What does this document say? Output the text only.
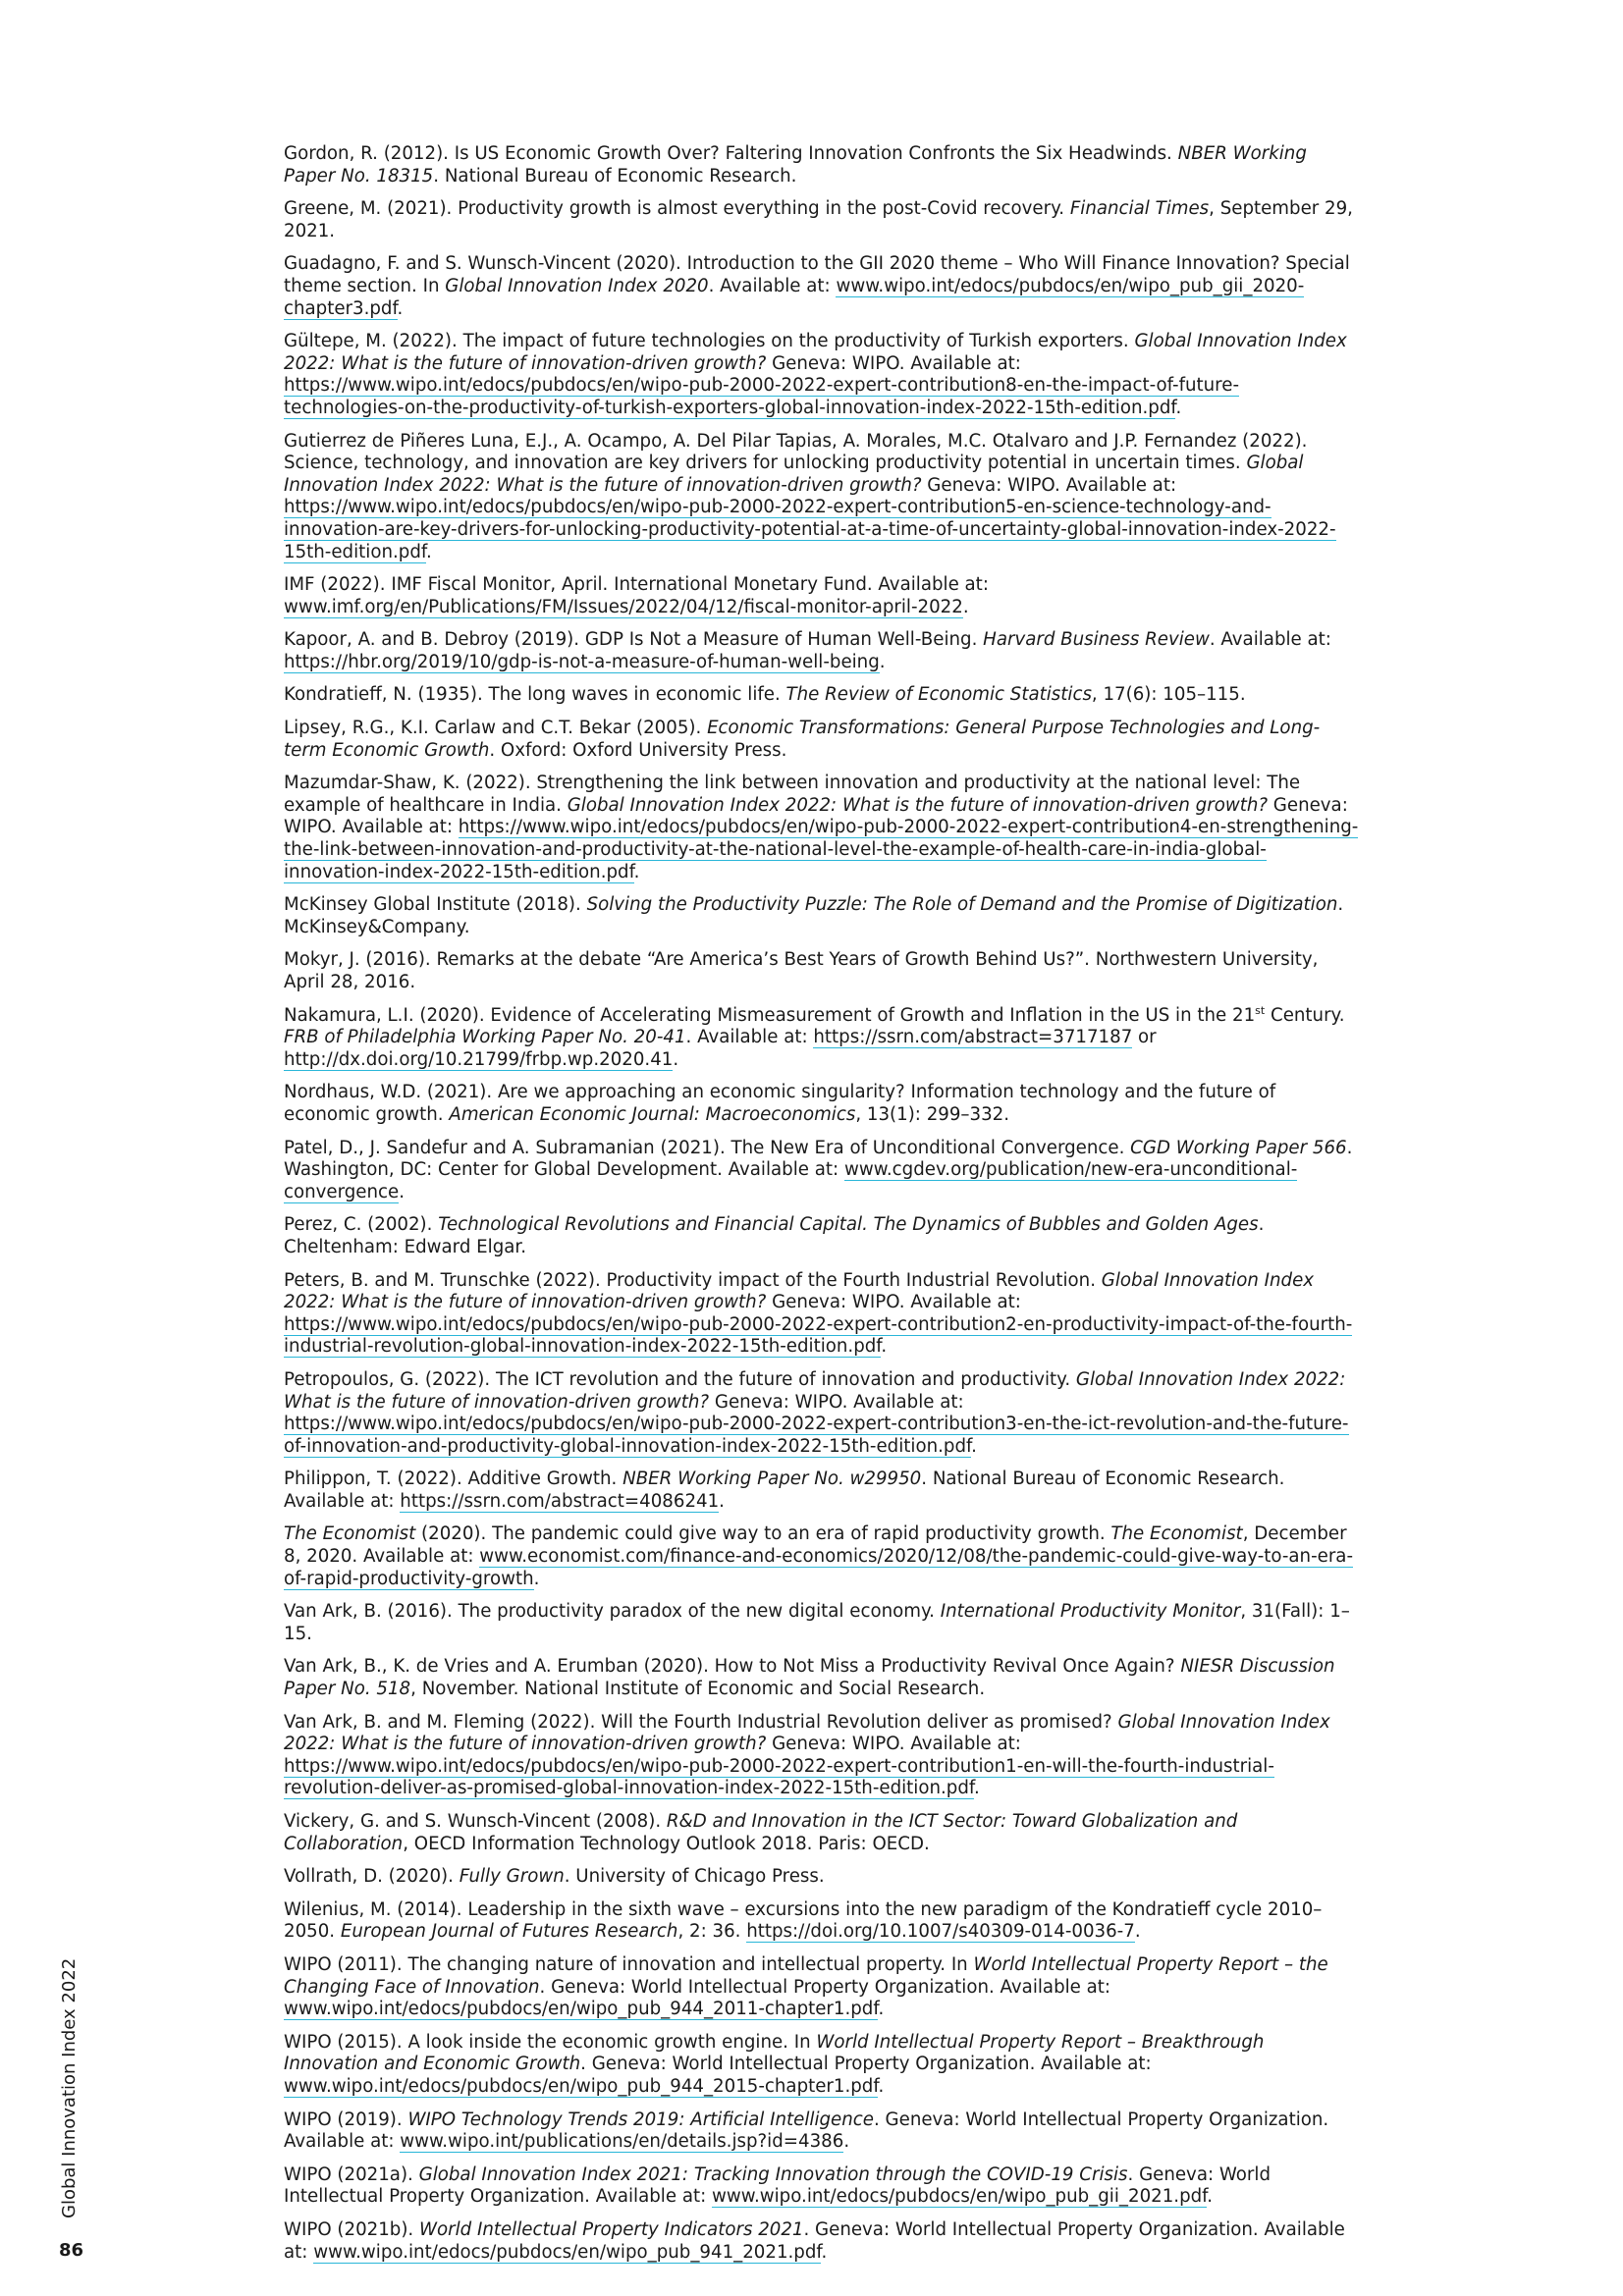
Gordon, R. (2012). Is US Economic Growth Over? Faltering Innovation Confronts the Six Headwinds. NBER Working Paper No. 18315. National Bureau of Economic Research.

Greene, M. (2021). Productivity growth is almost everything in the post-Covid recovery. Financial Times, September 29, 2021.

Guadagno, F. and S. Wunsch-Vincent (2020). Introduction to the GII 2020 theme – Who Will Finance Innovation? Special theme section. In Global Innovation Index 2020. Available at: www.wipo.int/edocs/pubdocs/en/wipo_pub_gii_2020-chapter3.pdf.

Gültepe, M. (2022). The impact of future technologies on the productivity of Turkish exporters. Global Innovation Index 2022: What is the future of innovation-driven growth? Geneva: WIPO. Available at: https://www.wipo.int/edocs/pubdocs/en/wipo-pub-2000-2022-expert-contribution8-en-the-impact-of-future-technologies-on-the-productivity-of-turkish-exporters-global-innovation-index-2022-15th-edition.pdf.

Gutierrez de Piñeres Luna, E.J., A. Ocampo, A. Del Pilar Tapias, A. Morales, M.C. Otalvaro and J.P. Fernandez (2022). Science, technology, and innovation are key drivers for unlocking productivity potential in uncertain times. Global Innovation Index 2022: What is the future of innovation-driven growth? Geneva: WIPO. Available at: https://www.wipo.int/edocs/pubdocs/en/wipo-pub-2000-2022-expert-contribution5-en-science-technology-and-innovation-are-key-drivers-for-unlocking-productivity-potential-at-a-time-of-uncertainty-global-innovation-index-2022-15th-edition.pdf.

IMF (2022). IMF Fiscal Monitor, April. International Monetary Fund. Available at: www.imf.org/en/Publications/FM/Issues/2022/04/12/fiscal-monitor-april-2022.

Kapoor, A. and B. Debroy (2019). GDP Is Not a Measure of Human Well-Being. Harvard Business Review. Available at: https://hbr.org/2019/10/gdp-is-not-a-measure-of-human-well-being.

Kondratieff, N. (1935). The long waves in economic life. The Review of Economic Statistics, 17(6): 105–115.

Lipsey, R.G., K.I. Carlaw and C.T. Bekar (2005). Economic Transformations: General Purpose Technologies and Long-term Economic Growth. Oxford: Oxford University Press.

Mazumdar-Shaw, K. (2022). Strengthening the link between innovation and productivity at the national level: The example of healthcare in India. Global Innovation Index 2022: What is the future of innovation-driven growth? Geneva: WIPO. Available at: https://www.wipo.int/edocs/pubdocs/en/wipo-pub-2000-2022-expert-contribution4-en-strengthening-the-link-between-innovation-and-productivity-at-the-national-level-the-example-of-health-care-in-india-global-innovation-index-2022-15th-edition.pdf.

McKinsey Global Institute (2018). Solving the Productivity Puzzle: The Role of Demand and the Promise of Digitization. McKinsey&Company.

Mokyr, J. (2016). Remarks at the debate “Are America’s Best Years of Growth Behind Us?”. Northwestern University, April 28, 2016.

Nakamura, L.I. (2020). Evidence of Accelerating Mismeasurement of Growth and Inflation in the US in the 21st Century. FRB of Philadelphia Working Paper No. 20-41. Available at: https://ssrn.com/abstract=3717187 or http://dx.doi.org/10.21799/frbp.wp.2020.41.

Nordhaus, W.D. (2021). Are we approaching an economic singularity? Information technology and the future of economic growth. American Economic Journal: Macroeconomics, 13(1): 299–332.

Patel, D., J. Sandefur and A. Subramanian (2021). The New Era of Unconditional Convergence. CGD Working Paper 566. Washington, DC: Center for Global Development. Available at: www.cgdev.org/publication/new-era-unconditional-convergence.

Perez, C. (2002). Technological Revolutions and Financial Capital. The Dynamics of Bubbles and Golden Ages. Cheltenham: Edward Elgar.

Peters, B. and M. Trunschke (2022). Productivity impact of the Fourth Industrial Revolution. Global Innovation Index 2022: What is the future of innovation-driven growth? Geneva: WIPO. Available at: https://www.wipo.int/edocs/pubdocs/en/wipo-pub-2000-2022-expert-contribution2-en-productivity-impact-of-the-fourth-industrial-revolution-global-innovation-index-2022-15th-edition.pdf.

Petropoulos, G. (2022). The ICT revolution and the future of innovation and productivity. Global Innovation Index 2022: What is the future of innovation-driven growth? Geneva: WIPO. Available at: https://www.wipo.int/edocs/pubdocs/en/wipo-pub-2000-2022-expert-contribution3-en-the-ict-revolution-and-the-future-of-innovation-and-productivity-global-innovation-index-2022-15th-edition.pdf.

Philippon, T. (2022). Additive Growth. NBER Working Paper No. w29950. National Bureau of Economic Research. Available at: https://ssrn.com/abstract=4086241.

The Economist (2020). The pandemic could give way to an era of rapid productivity growth. The Economist, December 8, 2020. Available at: www.economist.com/finance-and-economics/2020/12/08/the-pandemic-could-give-way-to-an-era-of-rapid-productivity-growth.

Van Ark, B. (2016). The productivity paradox of the new digital economy. International Productivity Monitor, 31(Fall): 1–15.

Van Ark, B., K. de Vries and A. Erumban (2020). How to Not Miss a Productivity Revival Once Again? NIESR Discussion Paper No. 518, November. National Institute of Economic and Social Research.

Van Ark, B. and M. Fleming (2022). Will the Fourth Industrial Revolution deliver as promised? Global Innovation Index 2022: What is the future of innovation-driven growth? Geneva: WIPO. Available at: https://www.wipo.int/edocs/pubdocs/en/wipo-pub-2000-2022-expert-contribution1-en-will-the-fourth-industrial-revolution-deliver-as-promised-global-innovation-index-2022-15th-edition.pdf.

Vickery, G. and S. Wunsch-Vincent (2008). R&D and Innovation in the ICT Sector: Toward Globalization and Collaboration, OECD Information Technology Outlook 2018. Paris: OECD.

Vollrath, D. (2020). Fully Grown. University of Chicago Press.

Wilenius, M. (2014). Leadership in the sixth wave – excursions into the new paradigm of the Kondratieff cycle 2010–2050. European Journal of Futures Research, 2: 36. https://doi.org/10.1007/s40309-014-0036-7.

WIPO (2011). The changing nature of innovation and intellectual property. In World Intellectual Property Report – the Changing Face of Innovation. Geneva: World Intellectual Property Organization. Available at: www.wipo.int/edocs/pubdocs/en/wipo_pub_944_2011-chapter1.pdf.

WIPO (2015). A look inside the economic growth engine. In World Intellectual Property Report – Breakthrough Innovation and Economic Growth. Geneva: World Intellectual Property Organization. Available at: www.wipo.int/edocs/pubdocs/en/wipo_pub_944_2015-chapter1.pdf.

WIPO (2019). WIPO Technology Trends 2019: Artificial Intelligence. Geneva: World Intellectual Property Organization. Available at: www.wipo.int/publications/en/details.jsp?id=4386.

WIPO (2021a). Global Innovation Index 2021: Tracking Innovation through the COVID-19 Crisis. Geneva: World Intellectual Property Organization. Available at: www.wipo.int/edocs/pubdocs/en/wipo_pub_gii_2021.pdf.

WIPO (2021b). World Intellectual Property Indicators 2021. Geneva: World Intellectual Property Organization. Available at: www.wipo.int/edocs/pubdocs/en/wipo_pub_941_2021.pdf.

Global Innovation Index 2022
86
